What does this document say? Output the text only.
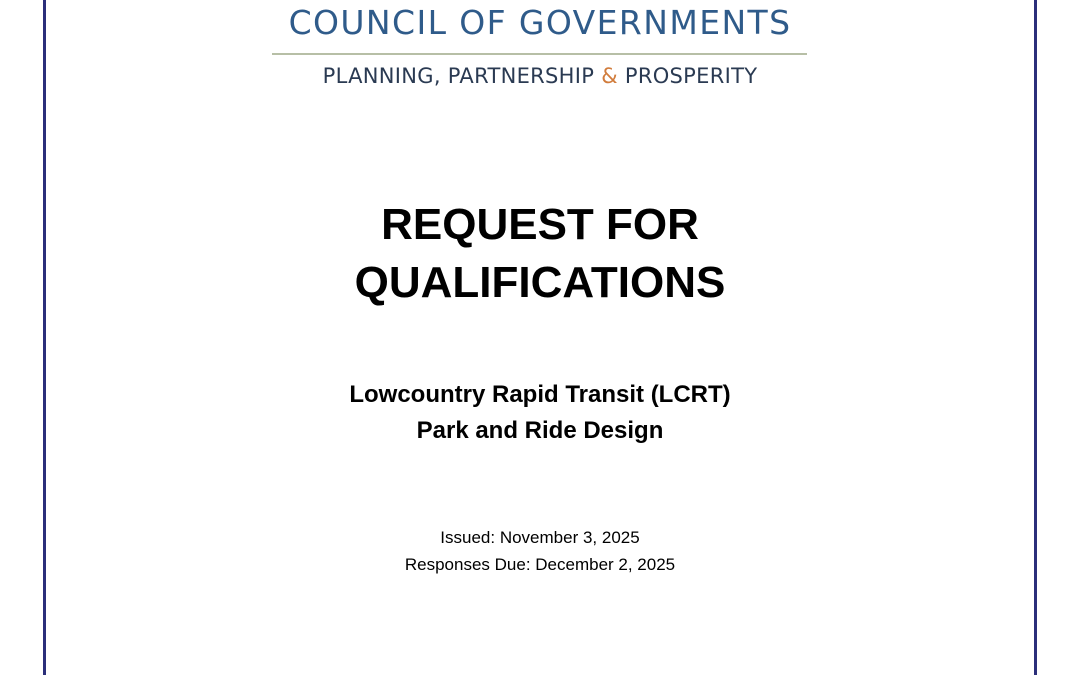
COUNCIL OF GOVERNMENTS
PLANNING, PARTNERSHIP & PROSPERITY
REQUEST FOR
QUALIFICATIONS
Lowcountry Rapid Transit (LCRT)
Park and Ride Design
Issued: November 3, 2025
Responses Due: December 2, 2025
